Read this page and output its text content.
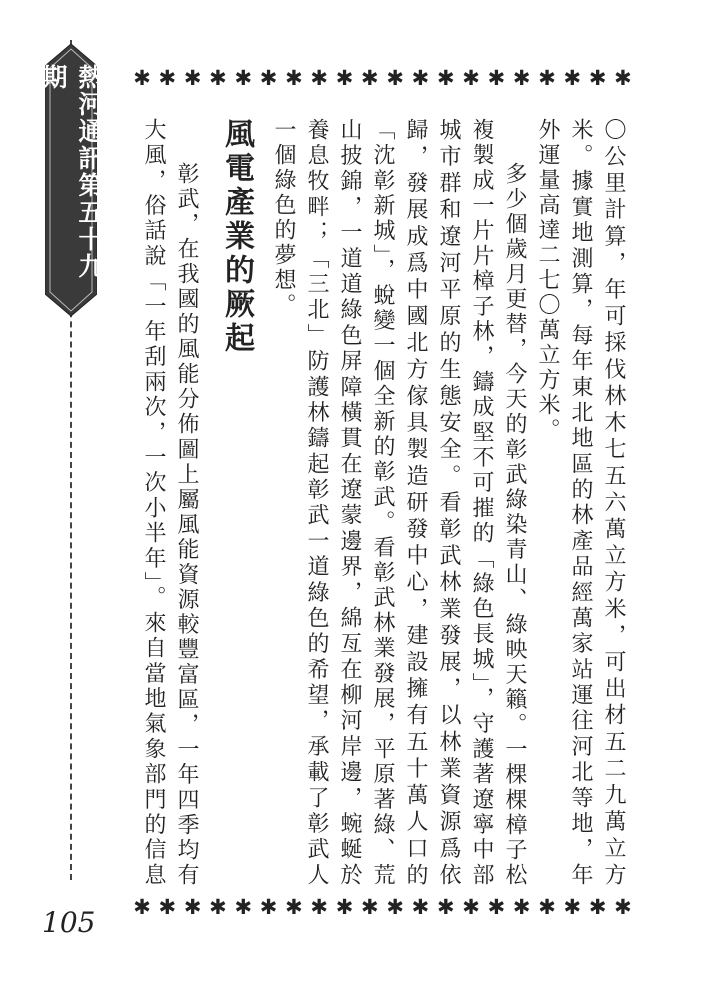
熱河通訊第五十九期	✱ ✱ ✱ ✱ ✱ ✱ ✱ ✱ ✱ ✱ ✱ ✱ ✱ ✱ ✱ ✱ ✱ ✱ ✱ ✱
✱ ✱ ✱ ✱ ✱ ✱ ✱ ✱ ✱ ✱ ✱ ✱ ✱ ✱ ✱ ✱ ✱ ✱ ✱ ✱

〇公里計算，年可採伐林木七五六萬立方米，可出材五二九萬立方米。據實地測算，每年東北地區的林產品經萬家站運往河北等地，年外運量高達二七〇萬立方米。

多少個歲月更替，今天的彰武綠染青山、綠映天籟。一棵棵樟子松複製成一片片樟子林，鑄成堅不可摧的「綠色長城」，守護著遼寧中部城市群和遼河平原的生態安全。看彰武林業發展，以林業資源爲依歸，發展成爲中國北方傢具製造研發中心，建設擁有五十萬人口的「沈彰新城」，蛻變一個全新的彰武。看彰武林業發展，平原著綠、荒山披錦，一道道綠色屏障橫貫在遼蒙邊界，綿亙在柳河岸邊，蜿蜒於養息牧畔；「三北」防護林鑄起彰武一道綠色的希望，承載了彰武人一個綠色的夢想。

風電產業的厥起

彰武，在我國的風能分佈圖上屬風能資源較豐富區，一年四季均有大風，俗話說「一年刮兩次，一次小半年」。來自當地氣象部門的信息

105
